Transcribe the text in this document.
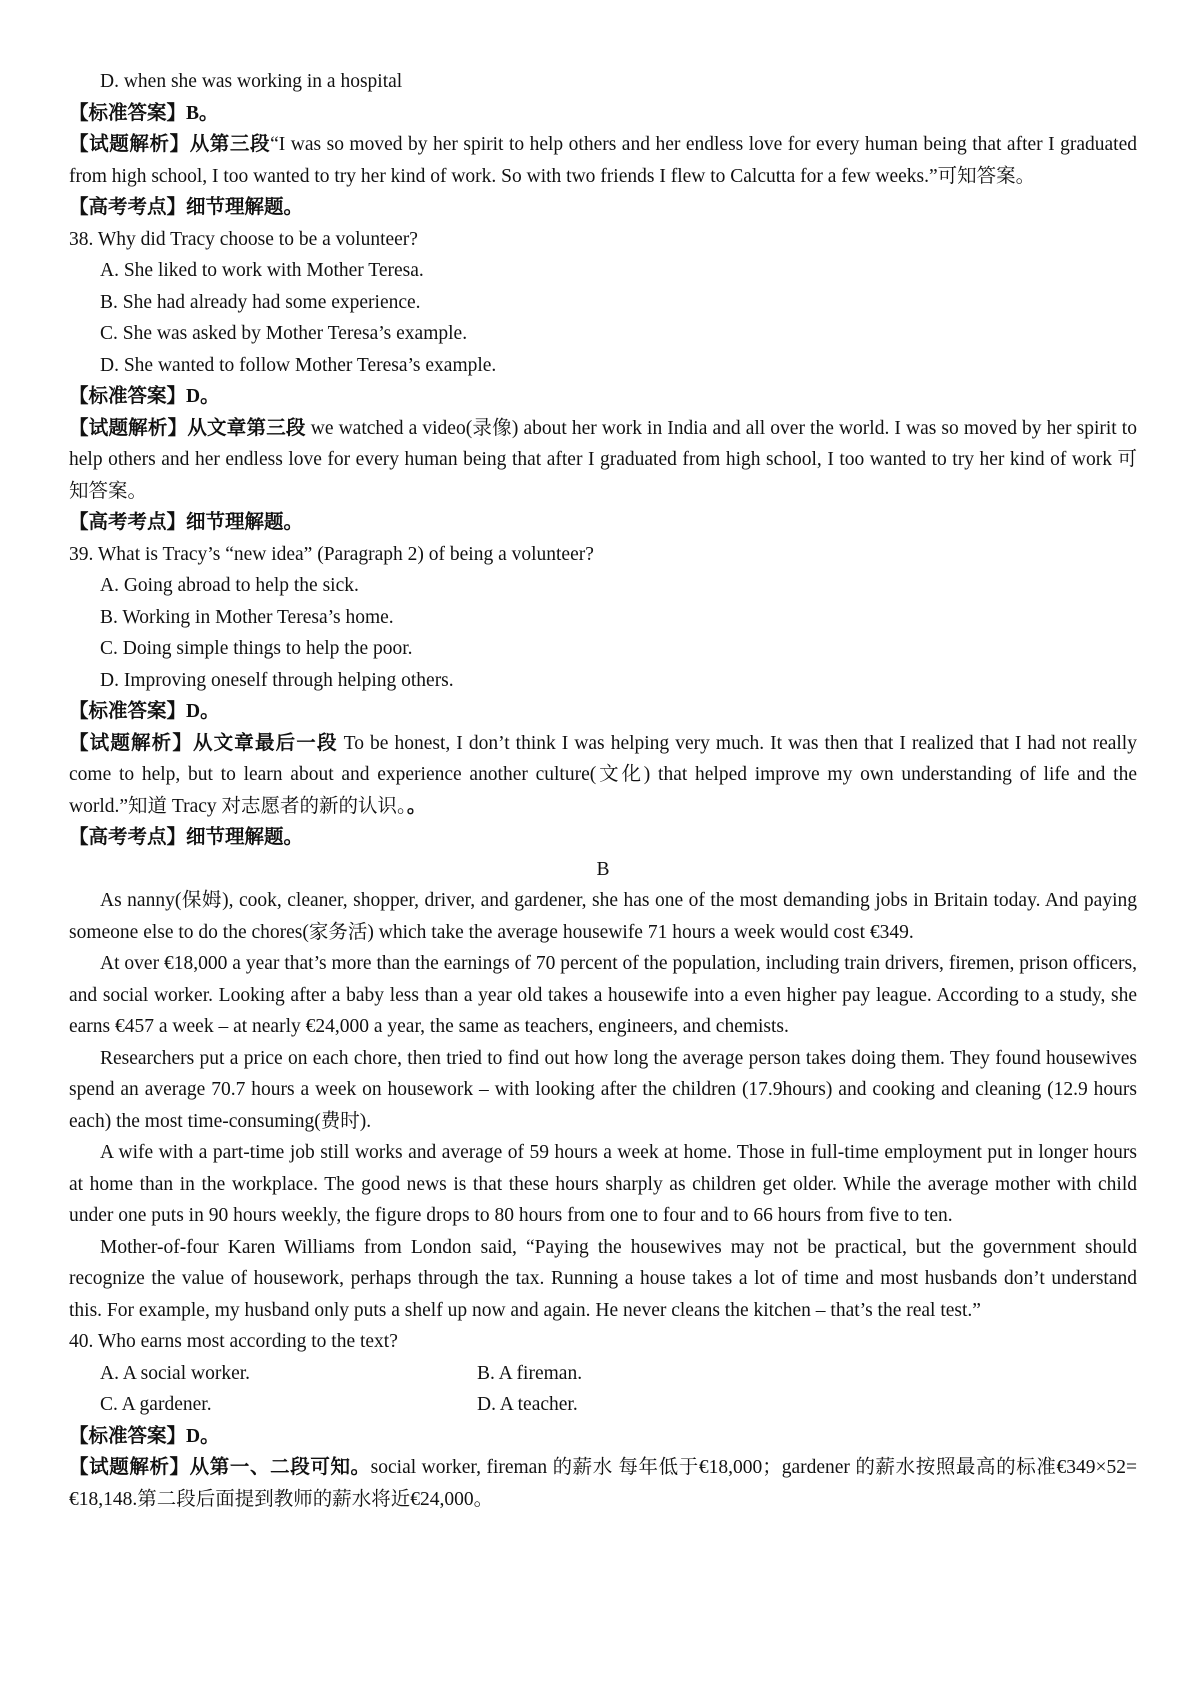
D. when she was working in a hospital

【标准答案】B。

【试题解析】从第三段“I was so moved by her spirit to help others and her endless love for every human being that after I graduated from high school, I too wanted to try her kind of work. So with two friends I flew to Calcutta for a few weeks.”可知答案。

【高考考点】细节理解题。

38. Why did Tracy choose to be a volunteer?

A. She liked to work with Mother Teresa.

B. She had already had some experience.

C. She was asked by Mother Teresa’s example.

D. She wanted to follow Mother Teresa’s example.

【标准答案】D。

【试题解析】从文章第三段 we watched a video(录像) about her work in India and all over the world. I was so moved by her spirit to help others and her endless love for every human being that after I graduated from high school, I too wanted to try her kind of work 可知答案。

【高考考点】细节理解题。

39. What is Tracy’s “new idea” (Paragraph 2) of being a volunteer?

A. Going abroad to help the sick.

B. Working in Mother Teresa’s home.

C. Doing simple things to help the poor.

D. Improving oneself through helping others.

【标准答案】D。

【试题解析】从文章最后一段 To be honest, I don’t think I was helping very much. It was then that I realized that I had not really come to help, but to learn about and experience another culture(文化) that helped improve my own understanding of life and the world.”知道 Tracy 对志愿者的新的认识。。

【高考考点】细节理解题。

B

As nanny(保姆), cook, cleaner, shopper, driver, and gardener, she has one of the most demanding jobs in Britain today. And paying someone else to do the chores(家务活) which take the average housewife 71 hours a week would cost €349.

At over €18,000 a year that’s more than the earnings of 70 percent of the population, including train drivers, firemen, prison officers, and social worker. Looking after a baby less than a year old takes a housewife into a even higher pay league. According to a study, she earns €457 a week – at nearly €24,000 a year, the same as teachers, engineers, and chemists.

Researchers put a price on each chore, then tried to find out how long the average person takes doing them. They found housewives spend an average 70.7 hours a week on housework – with looking after the children (17.9hours) and cooking and cleaning (12.9 hours each) the most time-consuming(费时).

A wife with a part-time job still works and average of 59 hours a week at home. Those in full-time employment put in longer hours at home than in the workplace. The good news is that these hours sharply as children get older. While the average mother with child under one puts in 90 hours weekly, the figure drops to 80 hours from one to four and to 66 hours from five to ten.

Mother-of-four Karen Williams from London said, “Paying the housewives may not be practical, but the government should recognize the value of housework, perhaps through the tax. Running a house takes a lot of time and most husbands don’t understand this. For example, my husband only puts a shelf up now and again. He never cleans the kitchen – that’s the real test.”

40. Who earns most according to the text?

A. A social worker.	B. A fireman.
C. A gardener.	D. A teacher.

【标准答案】D。

【试题解析】从第一、二段可知。social worker, fireman 的薪水 每年低于€18,000；gardener 的薪水按照最高的标准€349×52= €18,148.第二段后面提到教师的薪水将近€24,000。
